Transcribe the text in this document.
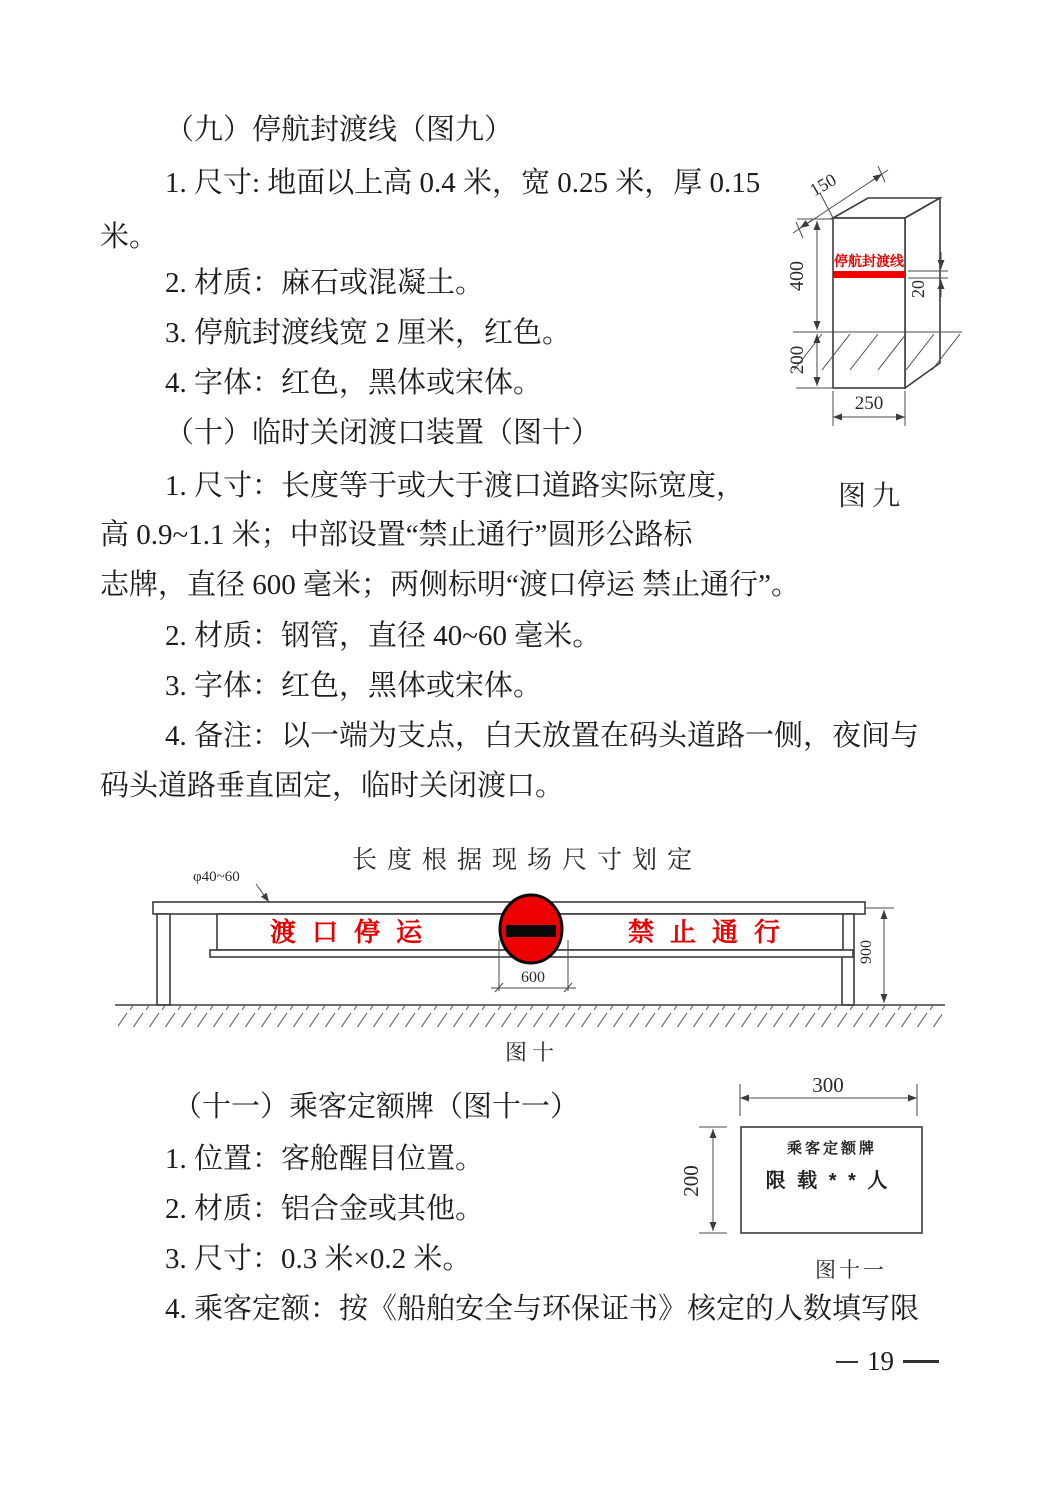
（九）停航封渡线（图九）
1. 尺寸: 地面以上高 0.4 米，宽 0.25 米，厚 0.15
米。
2. 材质：麻石或混凝土。
3. 停航封渡线宽 2 厘米，红色。
4. 字体：红色，黑体或宋体。
（十）临时关闭渡口装置（图十）
1. 尺寸：长度等于或大于渡口道路实际宽度，
高 0.9~1.1 米；中部设置“禁止通行”圆形公路标
志牌，直径 600 毫米；两侧标明“渡口停运 禁止通行”。
2. 材质：钢管，直径 40~60 毫米。
3. 字体：红色，黑体或宋体。
4. 备注：以一端为支点，白天放置在码头道路一侧，夜间与
码头道路垂直固定，临时关闭渡口。
（十一）乘客定额牌（图十一）
1. 位置：客舱醒目位置。
2. 材质：铝合金或其他。
3. 尺寸：0.3 米×0.2 米。
4. 乘客定额：按《船舶安全与环保证书》核定的人数填写限
停航封渡线
150
400
200
20
250
图九
长度根据现场尺寸划定
φ40~60
渡口停运	禁止通行
600
900
图十
300
200
乘客定额牌
限 载 * * 人
图十一
19
